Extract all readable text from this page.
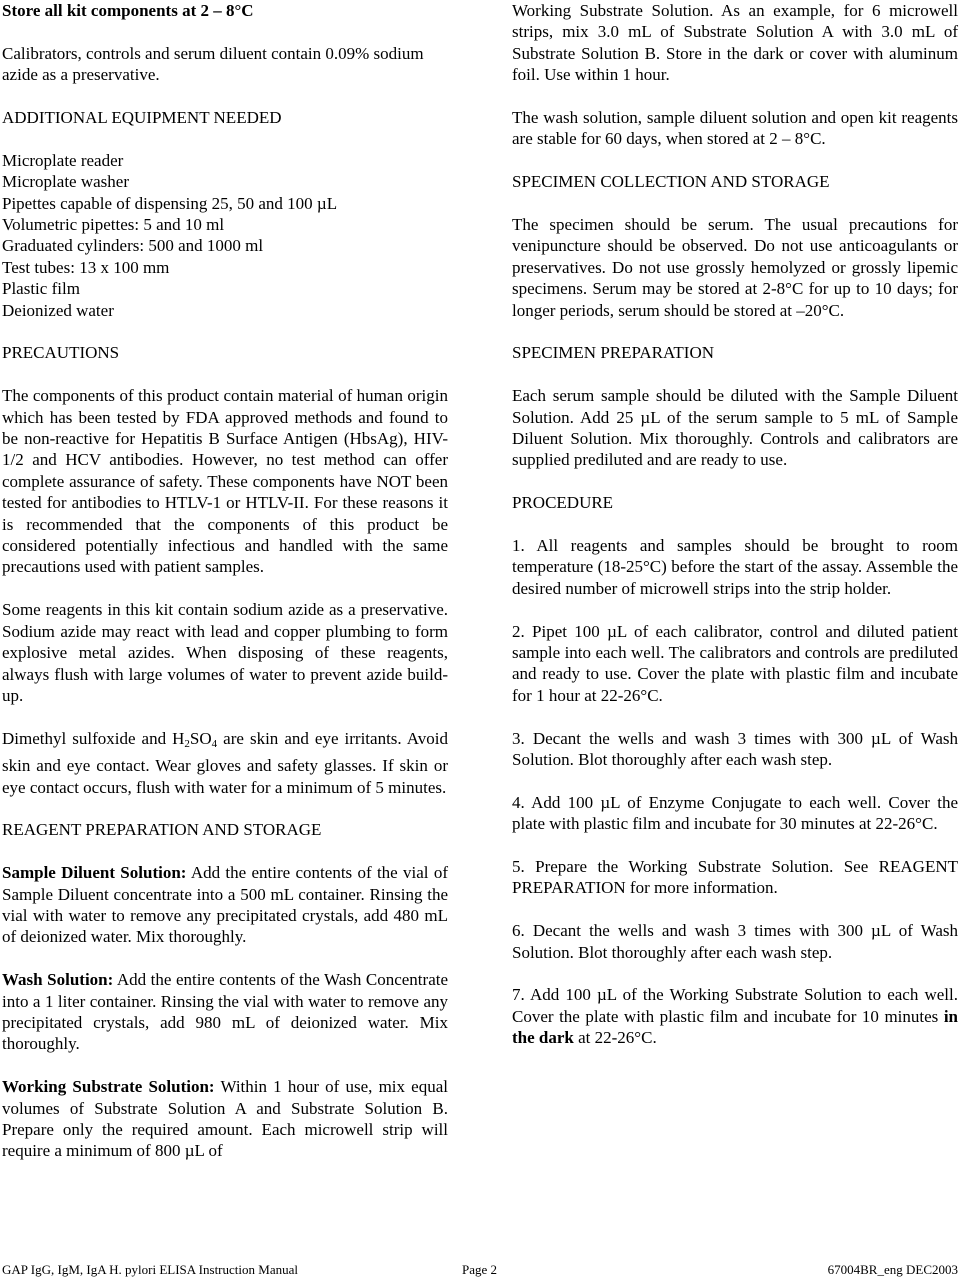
Store all kit components at 2 – 8°C

Calibrators, controls and serum diluent contain 0.09% sodium azide as a preservative.

ADDITIONAL EQUIPMENT NEEDED

Microplate reader
Microplate washer
Pipettes capable of dispensing 25, 50 and 100 µL
Volumetric pipettes: 5 and 10 ml
Graduated cylinders: 500 and 1000 ml
Test tubes: 13 x 100 mm
Plastic film
Deionized water

PRECAUTIONS

The components of this product contain material of human origin which has been tested by FDA approved methods and found to be non-reactive for Hepatitis B Surface Antigen (HbsAg), HIV-1/2 and HCV antibodies. However, no test method can offer complete assurance of safety. These components have NOT been tested for antibodies to HTLV-1 or HTLV-II. For these reasons it is recommended that the components of this product be considered potentially infectious and handled with the same precautions used with patient samples.

Some reagents in this kit contain sodium azide as a preservative. Sodium azide may react with lead and copper plumbing to form explosive metal azides. When disposing of these reagents, always flush with large volumes of water to prevent azide build-up.

Dimethyl sulfoxide and $H_2SO_4$ are skin and eye irritants. Avoid skin and eye contact. Wear gloves and safety glasses. If skin or eye contact occurs, flush with water for a minimum of 5 minutes.

REAGENT PREPARATION AND STORAGE

Sample Diluent Solution: Add the entire contents of the vial of Sample Diluent concentrate into a 500 mL container. Rinsing the vial with water to remove any precipitated crystals, add 480 mL of deionized water. Mix thoroughly.

Wash Solution: Add the entire contents of the Wash Concentrate into a 1 liter container. Rinsing the vial with water to remove any precipitated crystals, add 980 mL of deionized water. Mix thoroughly.

Working Substrate Solution: Within 1 hour of use, mix equal volumes of Substrate Solution A and Substrate Solution B. Prepare only the required amount. Each microwell strip will require a minimum of 800 µL of

Working Substrate Solution. As an example, for 6 microwell strips, mix 3.0 mL of Substrate Solution A with 3.0 mL of Substrate Solution B. Store in the dark or cover with aluminum foil. Use within 1 hour.

The wash solution, sample diluent solution and open kit reagents are stable for 60 days, when stored at 2 – 8°C.

SPECIMEN COLLECTION AND STORAGE

The specimen should be serum. The usual precautions for venipuncture should be observed. Do not use anticoagulants or preservatives. Do not use grossly hemolyzed or grossly lipemic specimens. Serum may be stored at 2-8°C for up to 10 days; for longer periods, serum should be stored at –20°C.

SPECIMEN PREPARATION

Each serum sample should be diluted with the Sample Diluent Solution. Add 25 µL of the serum sample to 5 mL of Sample Diluent Solution. Mix thoroughly. Controls and calibrators are supplied prediluted and are ready to use.

PROCEDURE

1. All reagents and samples should be brought to room temperature (18-25°C) before the start of the assay. Assemble the desired number of microwell strips into the strip holder.

2. Pipet 100 µL of each calibrator, control and diluted patient sample into each well. The calibrators and controls are prediluted and ready to use. Cover the plate with plastic film and incubate for 1 hour at 22-26°C.

3. Decant the wells and wash 3 times with 300 µL of Wash Solution. Blot thoroughly after each wash step.

4. Add 100 µL of Enzyme Conjugate to each well. Cover the plate with plastic film and incubate for 30 minutes at 22-26°C.

5. Prepare the Working Substrate Solution. See REAGENT PREPARATION for more information.

6. Decant the wells and wash 3 times with 300 µL of Wash Solution. Blot thoroughly after each wash step.

7. Add 100 µL of the Working Substrate Solution to each well. Cover the plate with plastic film and incubate for 10 minutes in the dark at 22-26°C.

GAP IgG, IgM, IgA H. pylori ELISA Instruction Manual	Page 2	67004BR_eng DEC2003
